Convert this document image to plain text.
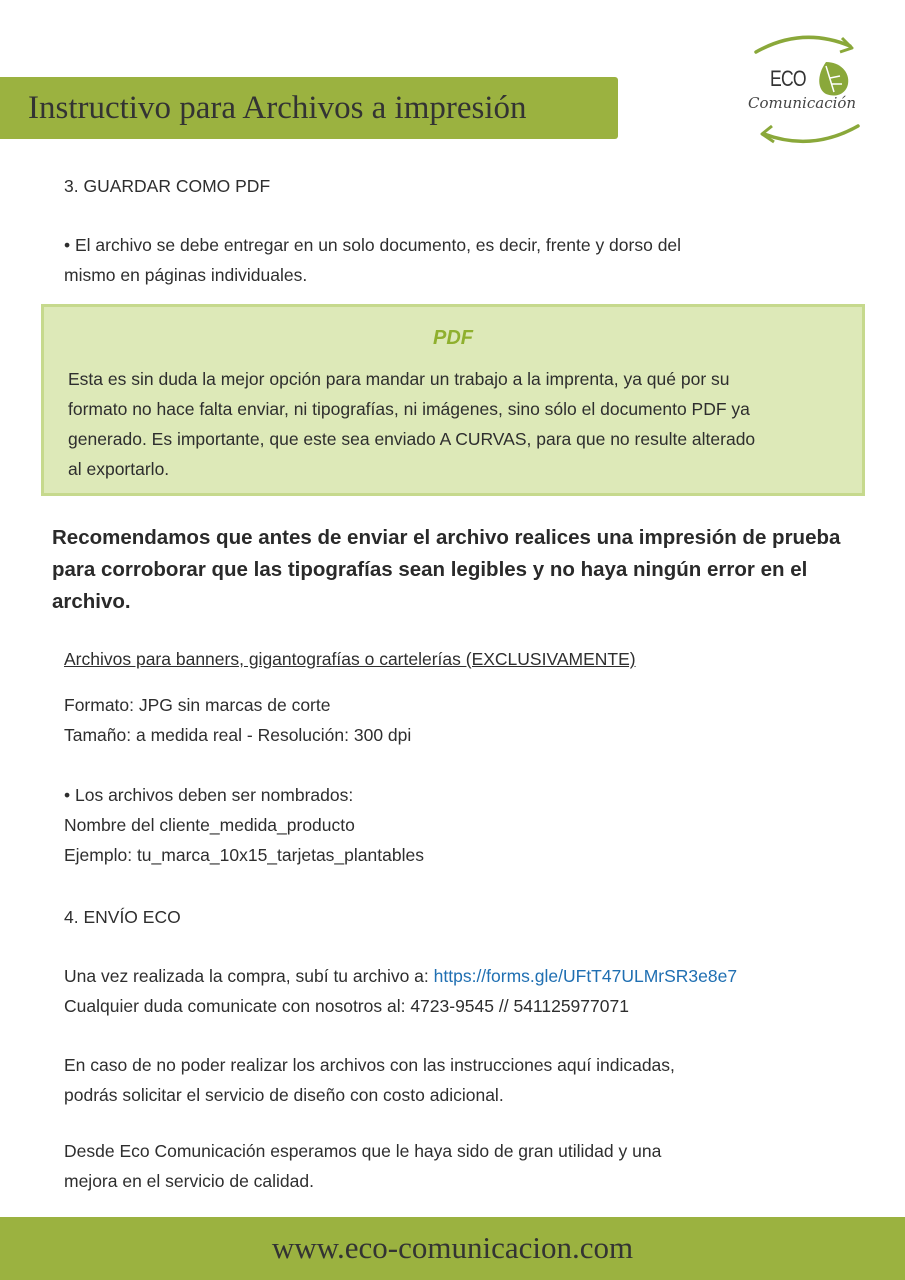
Instructivo para Archivos a impresión
ECO
Comunicación
3. GUARDAR COMO PDF
• El archivo se debe entregar en un solo documento, es decir, frente y dorso del
mismo en páginas individuales.
PDF
Esta es sin duda la mejor opción para mandar un trabajo a la imprenta, ya qué por su
formato no hace falta enviar, ni tipografías, ni imágenes, sino sólo el documento PDF ya
generado. Es importante, que este sea enviado A CURVAS, para que no resulte alterado
al exportarlo.
Recomendamos que antes de enviar el archivo realices una impresión de prueba
para corroborar que las tipografías sean legibles y no haya ningún error en el
archivo.
Archivos para banners, gigantografías o cartelerías (EXCLUSIVAMENTE)
Formato: JPG sin marcas de corte
Tamaño: a medida real - Resolución: 300 dpi
• Los archivos deben ser nombrados:
Nombre del cliente_medida_producto
Ejemplo: tu_marca_10x15_tarjetas_plantables
4. ENVÍO ECO
Una vez realizada la compra, subí tu archivo a: https://forms.gle/UFtT47ULMrSR3e8e7
Cualquier duda comunicate con nosotros al: 4723-9545 // 541125977071
En caso de no poder realizar los archivos con las instrucciones aquí indicadas,
podrás solicitar el servicio de diseño con costo adicional.
Desde Eco Comunicación esperamos que le haya sido de gran utilidad y una
mejora en el servicio de calidad.
www.eco-comunicacion.com
